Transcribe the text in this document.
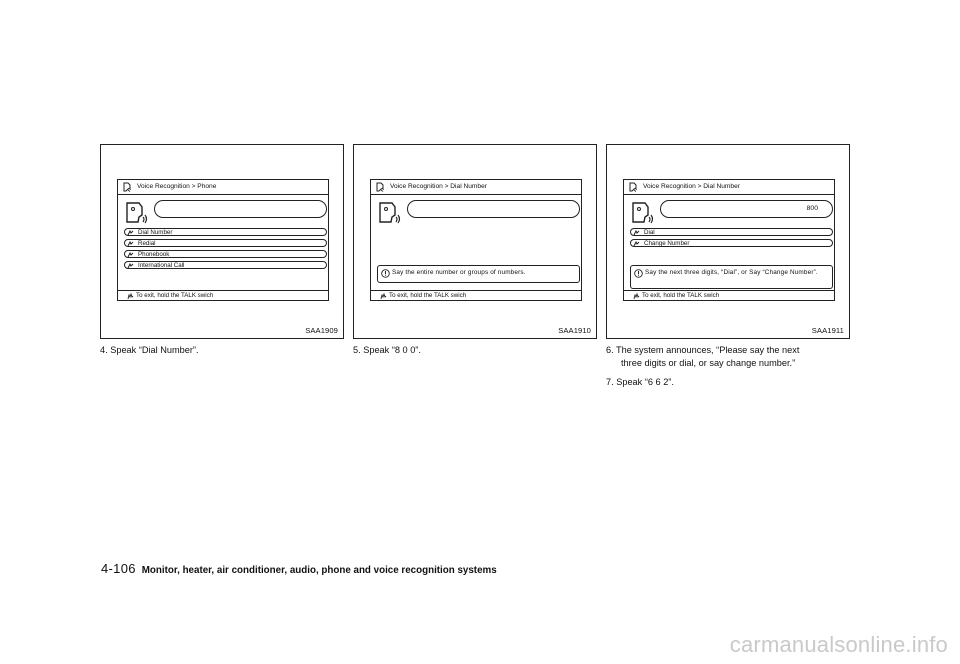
Voice Recognition > Phone
Dial Number
Redial
Phonebook
International Call
To exit, hold the TALK swich
SAA1909
Voice Recognition > Dial Number
Say the entire number or groups of numbers.
To exit, hold the TALK swich
SAA1910
Voice Recognition > Dial Number
800
Dial
Change Number
Say the next three digits, “Dial”, or Say “Change Number”.
To exit, hold the TALK swich
SAA1911
4. Speak “Dial Number”.	5. Speak “8 0 0”.	6. The system announces, “Please say the next
three digits or dial, or say change number.”
7. Speak “6 6 2”.
4-106 Monitor, heater, air conditioner, audio, phone and voice recognition systems
carmanualsonline.info
